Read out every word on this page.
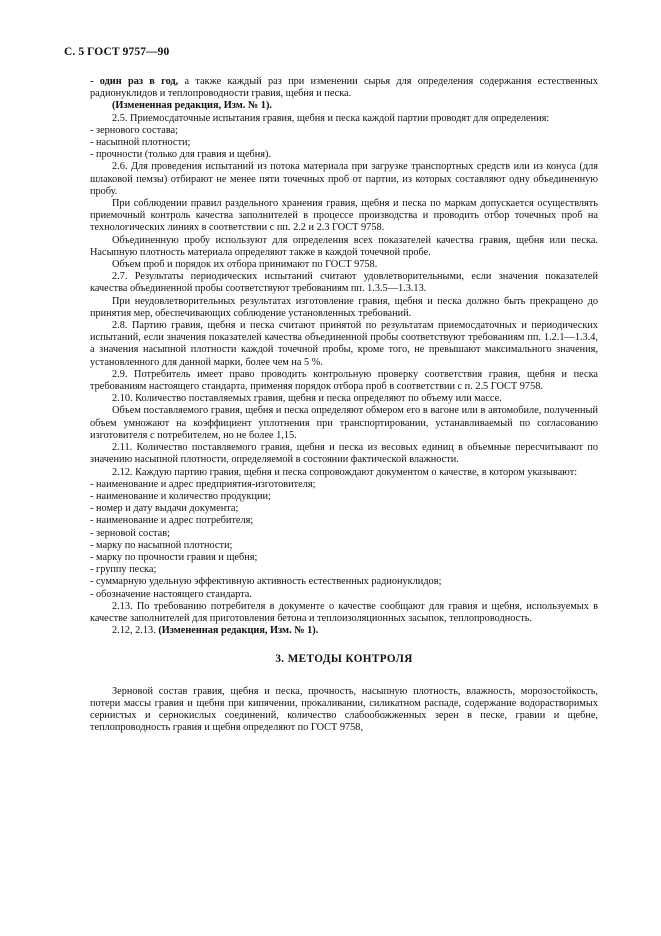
С. 5 ГОСТ 9757—90

- один раз в год, а также каждый раз при изменении сырья для определения содержания естественных радионуклидов и теплопроводности гравия, щебня и песка.

(Измененная редакция, Изм. № 1).

2.5. Приемосдаточные испытания гравия, щебня и песка каждой партии проводят для определения:

- зернового состава;

- насыпной плотности;

- прочности (только для гравия и щебня).

2.6. Для проведения испытаний из потока материала при загрузке транспортных средств или из конуса (для шлаковой пемзы) отбирают не менее пяти точечных проб от партии, из которых составляют одну объединенную пробу.

При соблюдении правил раздельного хранения гравия, щебня и песка по маркам допускается осуществлять приемочный контроль качества заполнителей в процессе производства и проводить отбор точечных проб на технологических линиях в соответствии с пп. 2.2 и 2.3 ГОСТ 9758.

Объединенную пробу используют для определения всех показателей качества гравия, щебня или песка. Насыпную плотность материала определяют также в каждой точечной пробе.

Объем проб и порядок их отбора принимают по ГОСТ 9758.

2.7. Результаты периодических испытаний считают удовлетворительными, если значения показателей качества объединенной пробы соответствуют требованиям пп. 1.3.5—1.3.13.

При неудовлетворительных результатах изготовление гравия, щебня и песка должно быть прекращено до принятия мер, обеспечивающих соблюдение установленных требований.

2.8. Партию гравия, щебня и песка считают принятой по результатам приемосдаточных и периодических испытаний, если значения показателей качества объединенной пробы соответствуют требованиям пп. 1.2.1—1.3.4, а значения насыпной плотности каждой точечной пробы, кроме того, не превышают максимального значения, установленного для данной марки, более чем на 5 %.

2.9. Потребитель имеет право проводить контрольную проверку соответствия гравия, щебня и песка требованиям настоящего стандарта, применяя порядок отбора проб в соответствии с п. 2.5 ГОСТ 9758.

2.10. Количество поставляемых гравия, щебня и песка определяют по объему или массе.

Объем поставляемого гравия, щебня и песка определяют обмером его в вагоне или в автомобиле, полученный объем умножают на коэффициент уплотнения при транспортировании, устанавливаемый по согласованию изготовителя с потребителем, но не более 1,15.

2.11. Количество поставляемого гравия, щебня и песка из весовых единиц в объемные пересчитывают по значению насыпной плотности, определяемой в состоянии фактической влажности.

2.12. Каждую партию гравия, щебня и песка сопровождают документом о качестве, в котором указывают:

- наименование и адрес предприятия-изготовителя;

- наименование и количество продукции;

- номер и дату выдачи документа;

- наименование и адрес потребителя;

- зерновой состав;

- марку по насыпной плотности;

- марку по прочности гравия и щебня;

- группу песка;

- суммарную удельную эффективную активность естественных радионуклидов;

- обозначение настоящего стандарта.

2.13. По требованию потребителя в документе о качестве сообщают для гравия и щебня, используемых в качестве заполнителей для приготовления бетона и теплоизоляционных засыпок, теплопроводность.

2.12, 2.13. (Измененная редакция, Изм. № 1).

3. МЕТОДЫ КОНТРОЛЯ

Зерновой состав гравия, щебня и песка, прочность, насыпную плотность, влажность, морозостойкость, потери массы гравия и щебня при кипячении, прокаливании, силикатном распаде, содержание водорастворимых сернистых и сернокислых соединений, количество слабообожженных зерен в песке, гравии и щебне, теплопроводность гравия и щебня определяют по ГОСТ 9758,
